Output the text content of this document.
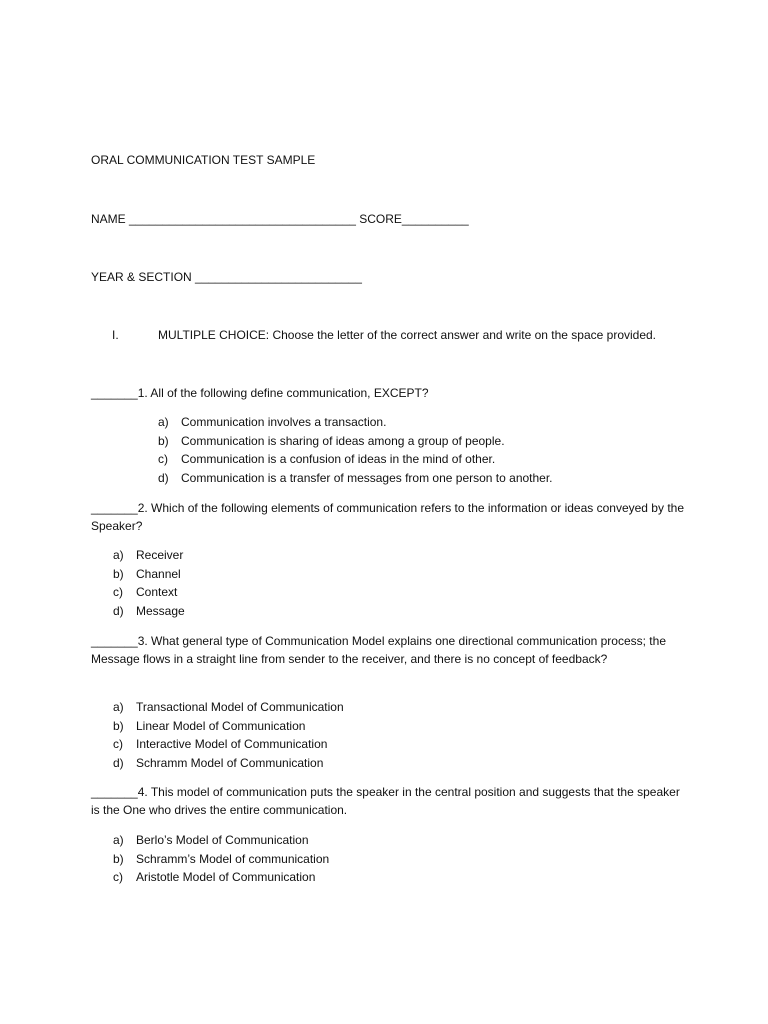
ORAL COMMUNICATION TEST SAMPLE
NAME __________________________________ SCORE__________
YEAR & SECTION _________________________
I.	MULTIPLE CHOICE: Choose the letter of the correct answer and write on the space provided.
_______1. All of the following define communication, EXCEPT?
a) Communication involves a transaction.
b) Communication is sharing of ideas among a group of people.
c) Communication is a confusion of ideas in the mind of other.
d) Communication is a transfer of messages from one person to another.
_______2. Which of the following elements of communication refers to the information or ideas conveyed by the Speaker?
a) Receiver
b) Channel
c) Context
d) Message
_______3. What general type of Communication Model explains one directional communication process; the Message flows in a straight line from sender to the receiver, and there is no concept of feedback?
a) Transactional Model of Communication
b) Linear Model of Communication
c) Interactive Model of Communication
d) Schramm Model of Communication
_______4. This model of communication puts the speaker in the central position and suggests that the speaker is the One who drives the entire communication.
a) Berlo’s Model of Communication
b) Schramm’s Model of communication
c) Aristotle Model of Communication
